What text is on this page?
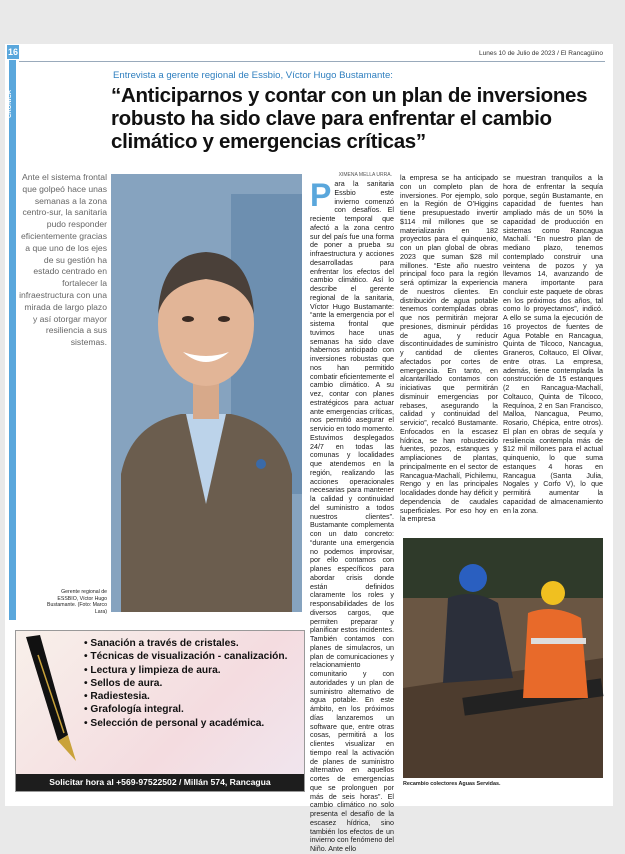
16
CRÓNICA
Lunes 10 de Julio de 2023 / El Rancagüino
Entrevista a gerente regional de Essbio, Víctor Hugo Bustamante:
“Anticiparnos y contar con un plan de inversiones robusto ha sido clave para enfrentar el cambio climático y emergencias críticas”
Ante el sistema frontal que golpeó hace unas semanas a la zona centro-sur, la sanitaria pudo responder eficientemente gracias a que uno de los ejes de su gestión ha estado centrado en fortalecer la infraestructura con una mirada de largo plazo y así otorgar mayor resiliencia a sus sistemas.
Gerente regional de ESSBIO, Víctor Hugo Bustamante. (Foto: Marco Lara)
XIMENA MELLA URRA.
P ara la sanitaria Essbio este invierno comenzó con desafíos. El reciente temporal que afectó a la zona centro sur del país fue una forma de poner a prueba su infraestructura y acciones desarrolladas para enfrentar los efectos del cambio climático. Así lo describe el gerente regional de la sanitaria, Víctor Hugo Bustamante: “ante la emergencia por el sistema frontal que tuvimos hace unas semanas ha sido clave habernos anticipado con inversiones robustas que nos han permitido combatir eficientemente el cambio climático. A su vez, contar con planes estratégicos para actuar ante emergencias críticas, nos permitió asegurar el servicio en todo momento. Estuvimos desplegados 24/7 en todas las comunas y localidades que atendemos en la región, realizando las acciones operacionales necesarias para mantener la calidad y continuidad del suministro a todos nuestros clientes”. Bustamante complementa con un dato concreto: “durante una emergencia no podemos improvisar, por ello contamos con planes específicos para abordar crisis donde están definidos claramente los roles y responsabilidades de los diversos cargos, que permiten preparar y planificar estos incidentes. También contamos con planes de simulacros, un plan de comunicaciones y relacionamiento comunitario y con autoridades y un plan de suministro alternativo de agua potable. En este ámbito, en los próximos días lanzaremos un software que, entre otras cosas, permitirá a los clientes visualizar en tiempo real la activación de planes de suministro alternativo en aquellos cortes de emergencias que se prolonguen por más de seis horas”. El cambio climático no solo presenta el desafío de la escasez hídrica, sino también los efectos de un invierno con fenómeno del Niño. Ante ello
la empresa se ha anticipado con un completo plan de inversiones. Por ejemplo, solo en la Región de O’Higgins tiene presupuestado invertir $114 mil millones que se materializarán en 182 proyectos para el quinquenio, con un plan global de obras 2023 que suman $28 mil millones. “Este año nuestro principal foco para la región será optimizar la experiencia de nuestros clientes. En distribución de agua potable tenemos contempladas obras que nos permitirán mejorar presiones, disminuir pérdidas de agua, y reducir discontinuidades de suministro y cantidad de clientes afectados por cortes de emergencia. En tanto, en alcantarillado contamos con iniciativas que permitirán disminuir emergencias por rebases, asegurando la calidad y continuidad del servicio”, recalcó Bustamante. Enfocados en la escasez hídrica, se han robustecido fuentes, pozos, estanques y ampliaciones de plantas, principalmente en el sector de Rancagua-Machalí, Pichilemu, Rengo y en las principales localidades donde hay déficit y dependencia de caudales superficiales. Por eso hoy en la empresa
se muestran tranquilos a la hora de enfrentar la sequía porque, según Bustamante, en capacidad de fuentes han ampliado más de un 50% la capacidad de producción en sistemas como Rancagua Machalí. “En nuestro plan de mediano plazo, tenemos contemplado construir una veintena de pozos y ya llevamos 14, avanzando de manera importante para concluir este paquete de obras en los próximos dos años, tal como lo proyectamos”, indicó. A ello se suma la ejecución de 16 proyectos de fuentes de Agua Potable en Rancagua, Quinta de Tilcoco, Nancagua, Graneros, Coltauco, El Olivar, entre otras. La empresa, además, tiene contemplada la construcción de 15 estanques (2 en Rancagua-Machalí, Coltauco, Quinta de Tilcoco, Requínoa, 2 en San Francisco, Malloa, Nancagua, Peumo, Rosario, Chépica, entre otros). El plan en obras de sequía y resiliencia contempla más de $12 mil millones para el actual quinquenio, lo que suma estanques 4 horas en Rancagua (Santa Julia, Nogales y Corfo V), lo que permitirá aumentar la capacidad de almacenamiento en la zona.
Recambio colectores Aguas Servidas.
• Sanación a través de cristales.
• Técnicas de visualización - canalización.
• Lectura y limpieza de aura.
• Sellos de aura.
• Radiestesia.
• Grafología integral.
• Selección de personal y académica.
Solicitar hora al +569-97522502 / Millán 574, Rancagua
